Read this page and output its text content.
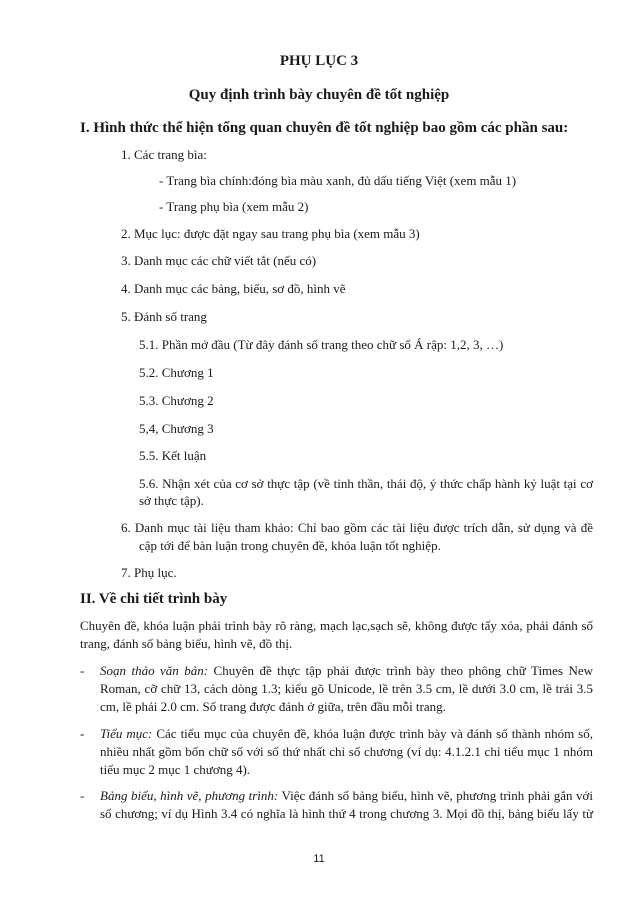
PHỤ LỤC 3
Quy định trình bày chuyên đề tốt nghiệp
I. Hình thức thể hiện tổng quan chuyên đề tốt nghiệp bao gồm các phần sau:
1. Các trang bìa:
- Trang bìa chính:đóng bìa màu xanh, đủ dấu tiếng Việt (xem mẫu 1)
- Trang phụ bìa (xem mẫu 2)
2. Mục lục: được đặt ngay sau trang phụ bìa (xem mẫu 3)
3. Danh mục các chữ viết tắt (nếu có)
4. Danh mục các bảng, biểu, sơ đồ, hình vẽ
5. Đánh số trang
5.1. Phần mở đầu (Từ đây đánh số trang theo chữ số Á rập: 1,2, 3, …)
5.2. Chương 1
5.3. Chương 2
5,4, Chương 3
5.5. Kết luận
5.6. Nhận xét của cơ sở thực tập (về tinh thần, thái độ, ý thức chấp hành kỷ luật tại cơ
sở thực tập).
6. Danh mục tài liệu tham khảo: Chỉ bao gồm các tài liệu được trích dẫn, sử dụng và đề
cập tới để bàn luận trong chuyên đề, khóa luận tốt nghiệp.
7. Phụ lục.
II. Về chi tiết trình bày
Chuyên đề, khóa luận phải trình bày rõ ràng, mạch lạc,sạch sẽ, không được tẩy xóa, phải đánh số
trang, đánh số bảng biểu, hình vẽ, đồ thị.
- Soạn thảo văn bản: Chuyên đề thực tập phải được trình bày theo phông chữ Times New
Roman, cỡ chữ 13, cách dòng 1.3; kiểu gõ Unicode, lề trên 3.5 cm, lề dưới 3.0 cm, lề trái 3.5
cm, lề phải 2.0 cm. Số trang được đánh ở giữa, trên đầu mỗi trang.
- Tiểu mục: Các tiểu mục của chuyên đề, khóa luận được trình bày và đánh số thành nhóm số,
nhiều nhất gồm bốn chữ số với số thứ nhất chỉ số chương (ví dụ: 4.1.2.1 chỉ tiểu mục 1 nhóm
tiểu mục 2 mục 1 chương 4).
- Bảng biểu, hình vẽ, phương trình: Việc đánh số bảng biểu, hình vẽ, phương trình phải gắn với
số chương; ví dụ Hình 3.4 có nghĩa là hình thứ 4 trong chương 3. Mọi đồ thị, bảng biểu lấy từ
11
